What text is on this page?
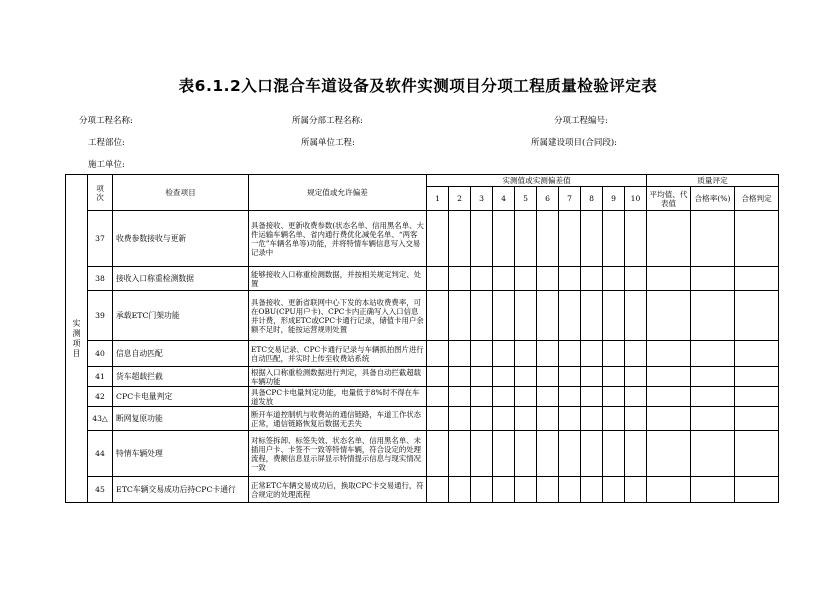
表6.1.2入口混合车道设备及软件实测项目分项工程质量检验评定表
分项工程名称:	所属分部工程名称:	分项工程编号:
工程部位:	所属单位工程:	所属建设项目(合同段):
施工单位:
实
测
项
目	项次	检查项目	规定值或允许偏差	实测值或实测偏差值										质量评定		
				1	2	3	4	5	6	7	8	9	10	平均值、代表值	合格率(%)	合格判定
	37	收费参数接收与更新	具备接收、更新收费参数(状态名单、信用黑名单、大件运输车辆名单、省内通行费优化减免名单、“两客一危”车辆名单等)功能，并将特情车辆信息写入交易记录中													
	38	接收入口称重检测数据	能够接收入口称重检测数据，并按相关规定判定、处置													
	39	承载ETC门架功能	具备接收、更新省联网中心下发的本站收费费率，可在OBU(CPU用户卡)、CPC卡内正确写入入口信息并计费，形成ETC或CPC卡通行记录，储值卡用户余额不足时，能按运营规则处置													
	40	信息自动匹配	ETC交易记录、CPC卡通行记录与车辆抓拍图片进行自动匹配，并实时上传至收费站系统													
	41	货车超载拦截	根据入口称重检测数据进行判定，具备自动拦截超载车辆功能													
	42	CPC卡电量判定	具备CPC卡电量判定功能，电量低于8%时不得在车道发放													
	43△	断网复原功能	断开车道控制机与收费站的通信链路，车道工作状态正常，通信链路恢复后数据无丢失													
	44	特情车辆处理	对标签拆卸、标签失效、状态名单、信用黑名单、未插用户卡、卡签不一致等特情车辆，符合设定的处理流程，费额信息显示屏显示特情提示信息与现实情况一致													
	45	ETC车辆交易成功后持CPC卡通行	正常ETC车辆交易成功后，换取CPC卡交易通行，符合规定的处理流程													
